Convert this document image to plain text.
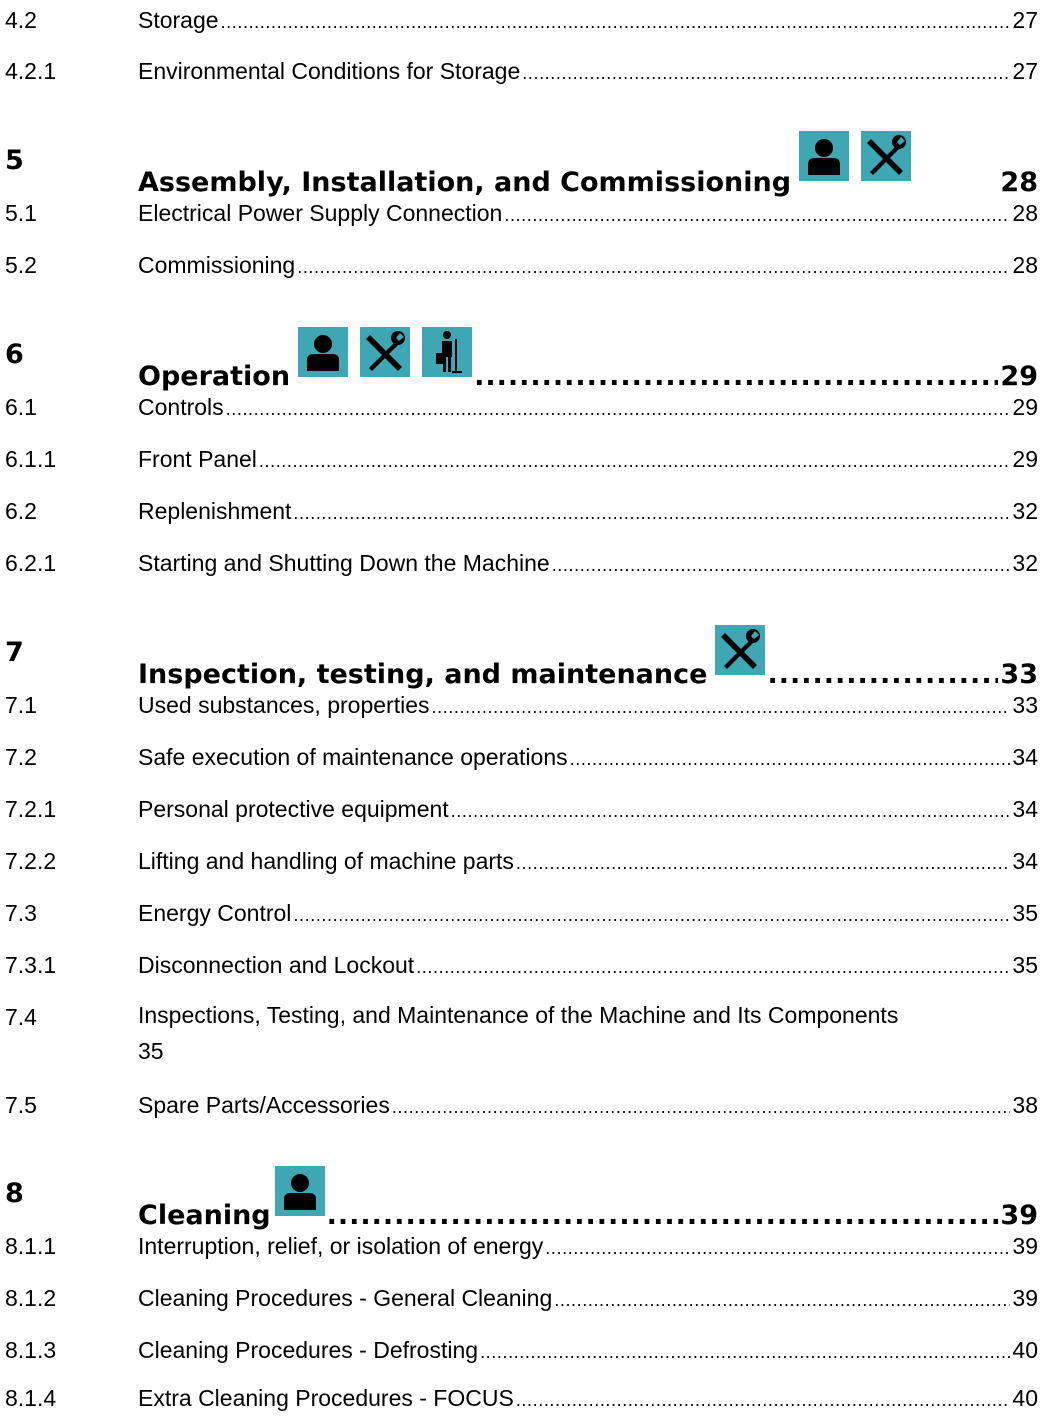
4.2	Storage .....	27
4.2.1	Environmental Conditions for Storage .....	27
5
Assembly, Installation, and Commissioning	28
5.1	Electrical Power Supply Connection .....	28
5.2	Commissioning .....	28
6
Operation .....	29
6.1	Controls .....	29
6.1.1	Front Panel .....	29
6.2	Replenishment .....	32
6.2.1	Starting and Shutting Down the Machine .....	32
7
Inspection, testing, and maintenance .....	33
7.1	Used substances, properties .....	33
7.2	Safe execution of maintenance operations .....	34
7.2.1	Personal protective equipment .....	34
7.2.2	Lifting and handling of machine parts .....	34
7.3	Energy Control .....	35
7.3.1	Disconnection and Lockout .....	35
7.4	Inspections, Testing, and Maintenance of the Machine and Its Components
35
7.5	Spare Parts/Accessories .....	38
8
Cleaning .....	39
8.1.1	Interruption, relief, or isolation of energy .....	39
8.1.2	Cleaning Procedures - General Cleaning .....	39
8.1.3	Cleaning Procedures - Defrosting .....	40
8.1.4	Extra Cleaning Procedures - FOCUS .....	40
